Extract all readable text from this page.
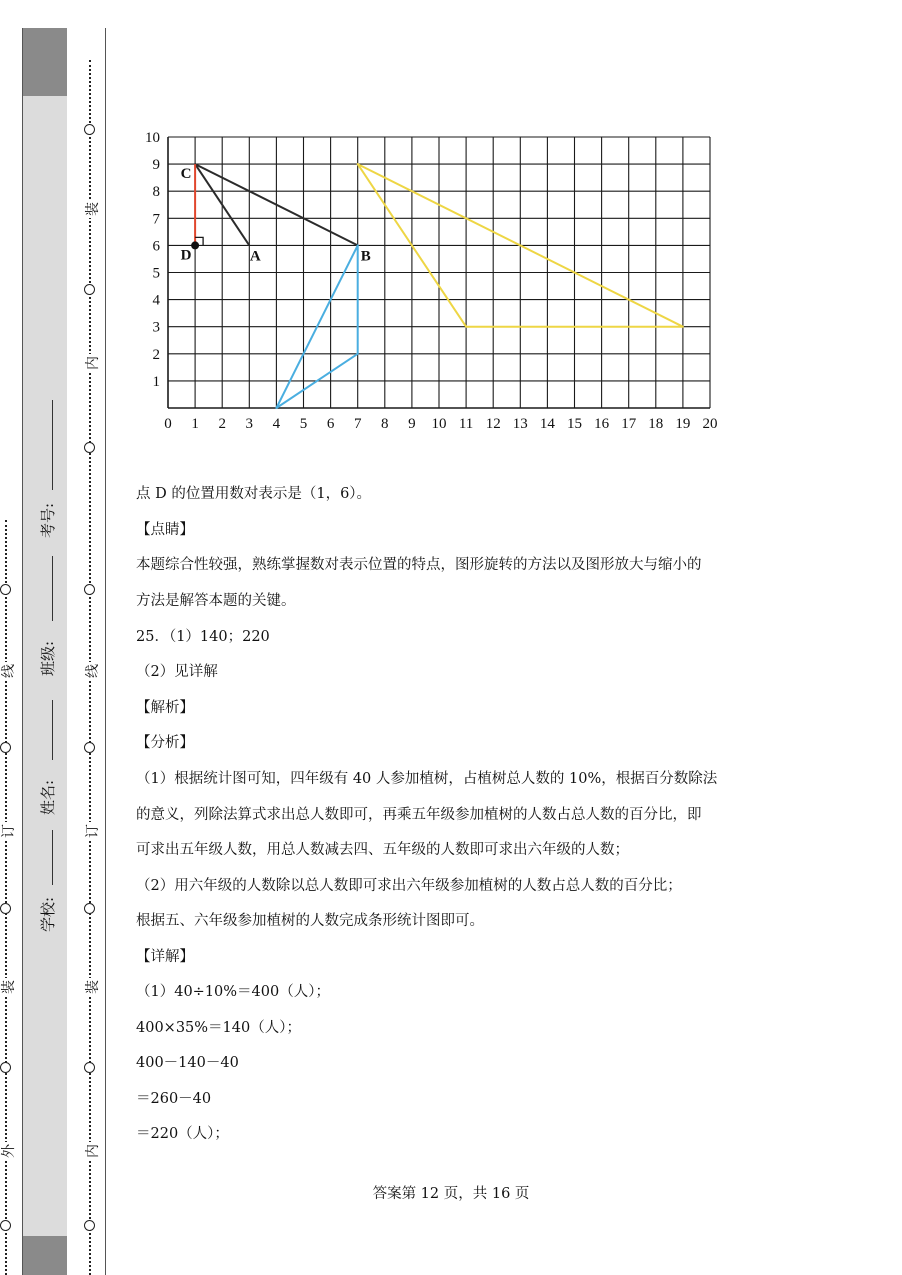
线
订
装
外
学校:
姓名:
班级:
考号:
装
内
线
订
装
内
0 1 2 3 4 5 6 7 8 9 10 11 12 13 14 15 16 17 18 19 20
1
2
3
4
5
6
7
8
9
10
C
D	A	B
点 D 的位置用数对表示是（1，6）。
【点睛】
本题综合性较强，熟练掌握数对表示位置的特点，图形旋转的方法以及图形放大与缩小的
方法是解答本题的关键。
25．（1）140；220
（2）见详解
【解析】
【分析】
（1）根据统计图可知，四年级有 40 人参加植树，占植树总人数的 10%，根据百分数除法
的意义，列除法算式求出总人数即可，再乘五年级参加植树的人数占总人数的百分比，即
可求出五年级人数，用总人数减去四、五年级的人数即可求出六年级的人数；
（2）用六年级的人数除以总人数即可求出六年级参加植树的人数占总人数的百分比；
根据五、六年级参加植树的人数完成条形统计图即可。
【详解】
（1）40÷10%＝400（人）；
400×35%＝140（人）；
400－140－40
＝260－40
＝220（人）；
答案第 12 页，共 16 页
